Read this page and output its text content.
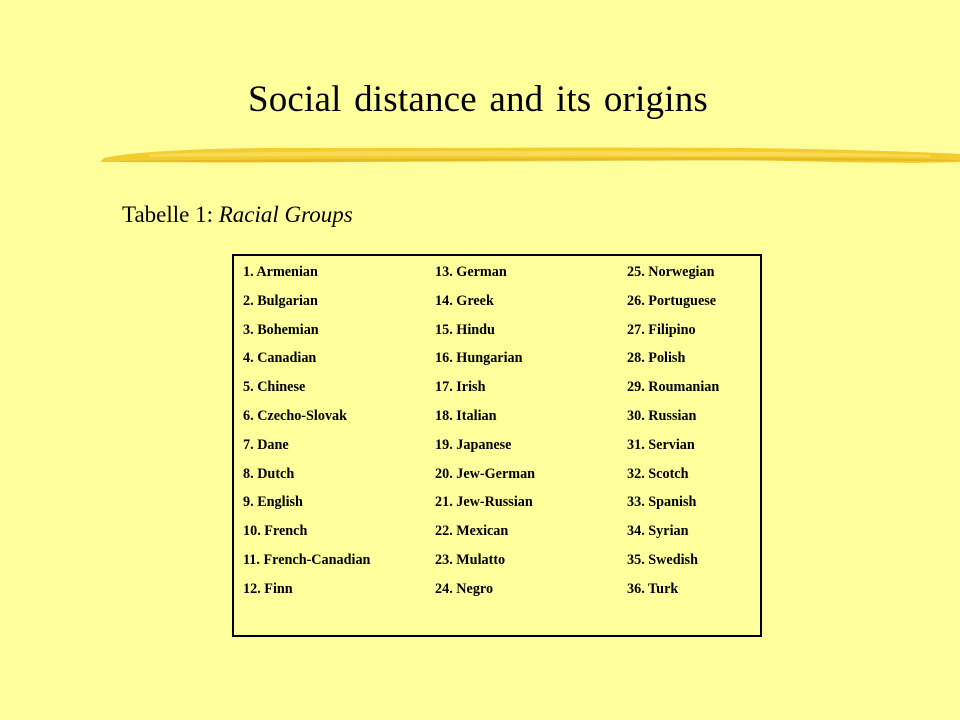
Social distance and its origins
Tabelle 1: Racial Groups
1. Armenian
2. Bulgarian
3. Bohemian
4. Canadian
5. Chinese
6. Czecho-Slovak
7. Dane
8. Dutch
9. English
10. French
11. French-Canadian
12. Finn
13. German
14. Greek
15. Hindu
16. Hungarian
17. Irish
18. Italian
19. Japanese
20. Jew-German
21. Jew-Russian
22. Mexican
23. Mulatto
24. Negro
25. Norwegian
26. Portuguese
27. Filipino
28. Polish
29. Roumanian
30. Russian
31. Servian
32. Scotch
33. Spanish
34. Syrian
35. Swedish
36. Turk
